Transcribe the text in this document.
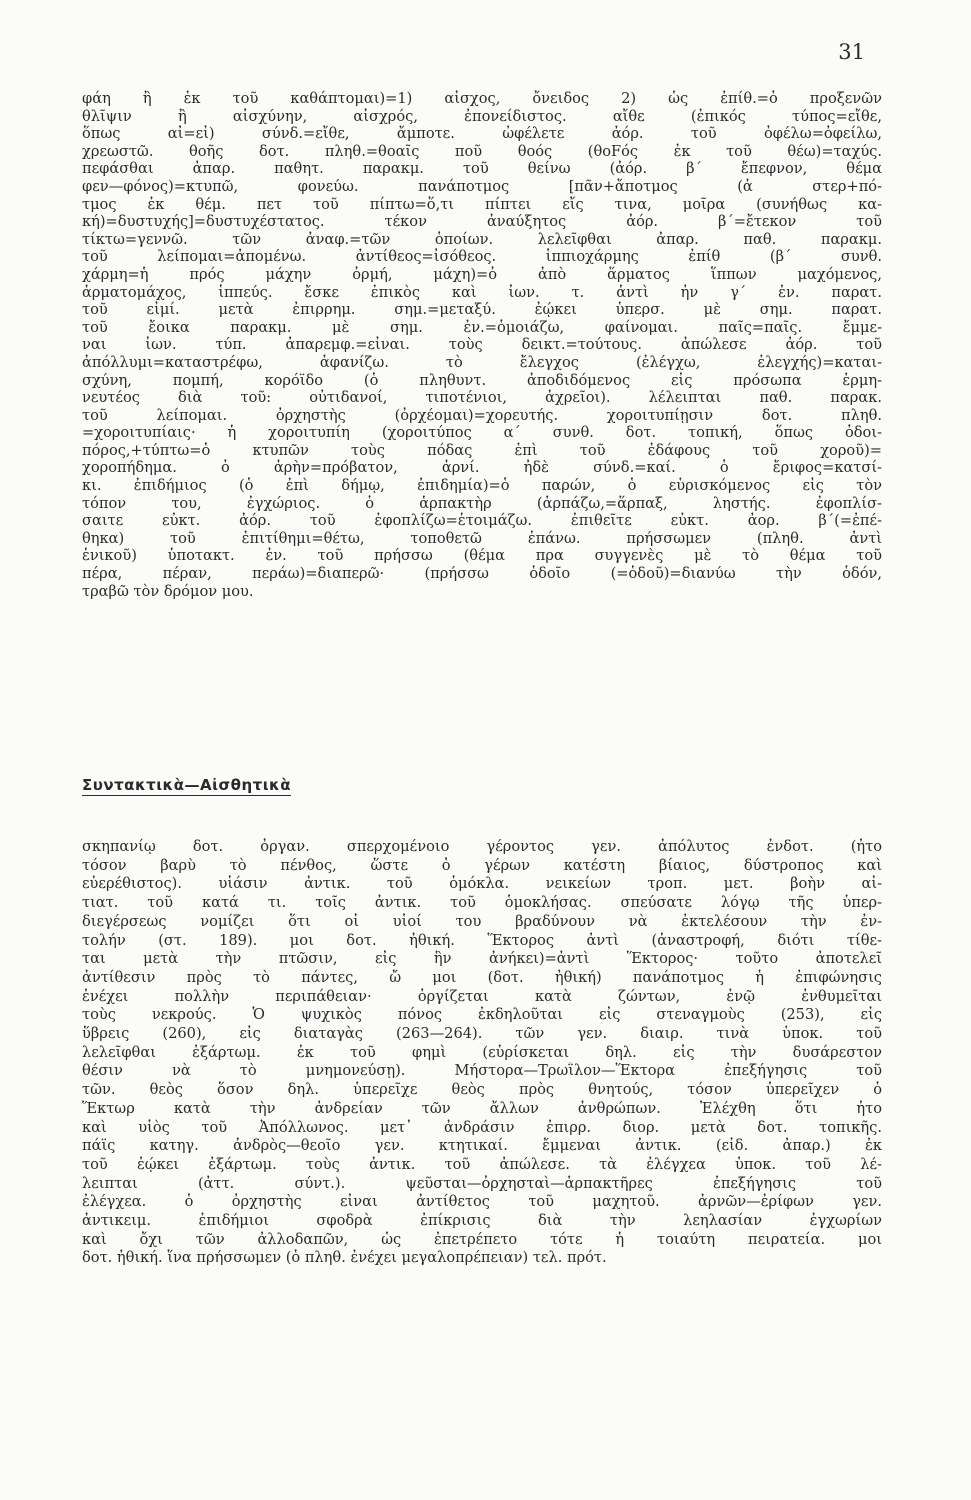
31
φάη ἢ ἐκ τοῦ καθάπτομαι)=1) αἶσχος, ὄνειδος 2) ὡς ἐπίθ.=ὁ προξενῶν
θλῖψιν ἢ αἰσχύνην, αἰσχρός, ἐπονείδιστος. αἴθε (ἐπικός τύπος=εἴθε,
ὅπως αἰ=εἰ) σύνδ.=εἴθε, ἄμποτε. ὠφέλετε ἀόρ. τοῦ ὀφέλω=ὀφείλω,
χρεωστῶ. θοῆς δοτ. πληθ.=θοαῖς ποῦ θοός (θοFός ἐκ τοῦ θέω)=ταχύς.
πεφάσθαι ἀπαρ. παθητ. παρακμ. τοῦ θείνω (ἀόρ. β΄ ἔπεφνον, θέμα
φεν—φόνος)=κτυπῶ, φονεύω. πανάποτμος [πᾶν+ἄποτμος (ἀ στερ+πό-
τμος ἐκ θέμ. πετ τοῦ πίπτω=ὅ,τι πίπτει εἴς τινα, μοῖρα (συνήθως κα-
κή)=δυστυχής]=δυστυχέστατος. τέκον ἀναύξητος ἀόρ. β΄=ἔτεκον τοῦ
τίκτω=γεννῶ. τῶν ἀναφ.=τῶν ὁποίων. λελεῖφθαι ἀπαρ. παθ. παρακμ.
τοῦ λείπομαι=ἀπομένω. ἀντίθεος=ἰσόθεος. ἱππιοχάρμης ἐπίθ (β΄ συνθ.
χάρμη=ἡ πρός μάχην ὁρμή, μάχη)=ὁ ἀπὸ ἅρματος ἵππων μαχόμενος,
ἁρματομάχος, ἱππεύς. ἔσκε ἐπικὸς καὶ ἰων. τ. ἀντὶ ἦν γ΄ ἑν. παρατ.
τοῦ εἰμί. μετὰ ἐπιρρημ. σημ.=μεταξύ. ἐῴκει ὑπερσ. μὲ σημ. παρατ.
τοῦ ἔοικα παρακμ. μὲ σημ. ἐν.=ὁμοιάζω, φαίνομαι. παῖς=παῖς. ἔμμε-
ναι ἰων. τύπ. ἀπαρεμφ.=εἶναι. τοὺς δεικτ.=τούτους. ἀπώλεσε ἀόρ. τοῦ
ἀπόλλυμι=καταστρέφω, ἀφανίζω. τὸ ἔλεγχος (ἐλέγχω, ἐλεγχής)=καται-
σχύνη, πομπή, κορόϊδο (ὁ πληθυντ. ἀποδιδόμενος εἰς πρόσωπα ἑρμη-
νευτέος διὰ τοῦ: οὐτιδανοί, τιποτένιοι, ἀχρεῖοι). λέλειπται παθ. παρακ.
τοῦ λείπομαι. ὀρχηστὴς (ὀρχέομαι)=χορευτής. χοροιτυπίῃσιν δοτ. πληθ.
=χοροιτυπίαις· ἡ χοροιτυπίη (χοροιτύπος α΄ συνθ. δοτ. τοπική, ὅπως ὁδοι-
πόρος,+τύπτω=ὁ κτυπῶν τοὺς πόδας ἐπὶ τοῦ ἐδάφους τοῦ χοροῦ)=
χοροπήδημα. ὁ ἀρὴν=πρόβατον, ἀρνί. ἠδὲ σύνδ.=καί. ὁ ἔριφος=κατσί-
κι. ἐπιδήμιος (ὁ ἐπὶ δήμῳ, ἐπιδημία)=ὁ παρών, ὁ εὑρισκόμενος εἰς τὸν
τόπον του, ἐγχώριος. ὁ ἁρπακτὴρ (ἁρπάζω,=ἅρπαξ, ληστής. ἐφοπλίσ-
σαιτε εὐκτ. ἀόρ. τοῦ ἐφοπλίζω=ἑτοιμάζω. ἐπιθεῖτε εὐκτ. ἀορ. β΄(=ἐπέ-
θηκα) τοῦ ἐπιτίθημι=θέτω, τοποθετῶ ἐπάνω. πρήσσωμεν (πληθ. ἀντὶ
ἑνικοῦ) ὑποτακτ. ἐν. τοῦ πρήσσω (θέμα πρα συγγενὲς μὲ τὸ θέμα τοῦ
πέρα, πέραν, περάω)=διαπερῶ· (πρήσσω ὁδοῖο (=ὁδοῦ)=διανύω τὴν ὁδόν,
τραβῶ τὸν δρόμον μου.
Συντακτικὰ—Αἰσθητικὰ
σκηπανίῳ δοτ. ὀργαν. σπερχομένοιο γέροντος γεν. ἀπόλυτος ἐνδοτ. (ἦτο
τόσον βαρὺ τὸ πένθος, ὥστε ὁ γέρων κατέστη βίαιος, δύστροπος καὶ
εὐερέθιστος). υἱάσιν ἀντικ. τοῦ ὁμόκλα. νεικείων τροπ. μετ. βοὴν αἰ-
τιατ. τοῦ κατά τι. τοῖς ἀντικ. τοῦ ὁμοκλήσας. σπεύσατε λόγῳ τῆς ὑπερ-
διεγέρσεως νομίζει ὅτι οἱ υἱοί του βραδύνουν νὰ ἐκτελέσουν τὴν ἐν-
τολήν (στ. 189). μοι δοτ. ἠθική. Ἕκτορος ἀντὶ (ἀναστροφή, διότι τίθε-
ται μετὰ τὴν πτῶσιν, εἰς ἣν ἀνήκει)=ἀντὶ Ἕκτορος· τοῦτο ἀποτελεῖ
ἀντίθεσιν πρὸς τὸ πάντες, ὤ μοι (δοτ. ἠθική) πανάποτμος ἡ ἐπιφώνησις
ἐνέχει πολλὴν περιπάθειαν· ὀργίζεται κατὰ ζώντων, ἐνῷ ἐνθυμεῖται
τοὺς νεκρούς. Ὁ ψυχικὸς πόνος ἐκδηλοῦται εἰς στεναγμοὺς (253), εἰς
ὕβρεις (260), εἰς διαταγὰς (263—264). τῶν γεν. διαιρ. τινὰ ὑποκ. τοῦ
λελεῖφθαι ἐξάρτωμ. ἐκ τοῦ φημὶ (εὑρίσκεται δηλ. εἰς τὴν δυσάρεστον
θέσιν νὰ τὸ μνημονεύσῃ). Μήστορα—Τρωΐλον—Ἕκτορα ἐπεξήγησις τοῦ
τῶν. θεὸς ὅσον δηλ. ὑπερεῖχε θεὸς πρὸς θνητούς, τόσον ὑπερεῖχεν ὁ
Ἕκτωρ κατὰ τὴν ἀνδρείαν τῶν ἄλλων ἀνθρώπων. Ἐλέχθη ὅτι ἦτο
καὶ υἱὸς τοῦ Ἀπόλλωνος. μετ᾽ ἀνδράσιν ἐπιρρ. διορ. μετὰ δοτ. τοπικῆς.
πάϊς κατηγ. ἀνδρὸς—θεοῖο γεν. κτητικαί. ἔμμεναι ἀντικ. (εἰδ. ἀπαρ.) ἐκ
τοῦ ἐῴκει ἐξάρτωμ. τοὺς ἀντικ. τοῦ ἀπώλεσε. τὰ ἐλέγχεα ὑποκ. τοῦ λέ-
λειπται (ἀττ. σύντ.). ψεῦσται—ὀρχησταὶ—ἁρπακτῆρες ἐπεξήγησις τοῦ
ἐλέγχεα. ὁ ὀρχηστὴς εἶναι ἀντίθετος τοῦ μαχητοῦ. ἀρνῶν—ἐρίφων γεν.
ἀντικειμ. ἐπιδήμιοι σφοδρὰ ἐπίκρισις διὰ τὴν λεηλασίαν ἐγχωρίων
καὶ ὄχι τῶν ἀλλοδαπῶν, ὡς ἐπετρέπετο τότε ἡ τοιαύτη πειρατεία. μοι
δοτ. ἠθική. ἵνα πρήσσωμεν (ὁ πληθ. ἐνέχει μεγαλοπρέπειαν) τελ. πρότ.
